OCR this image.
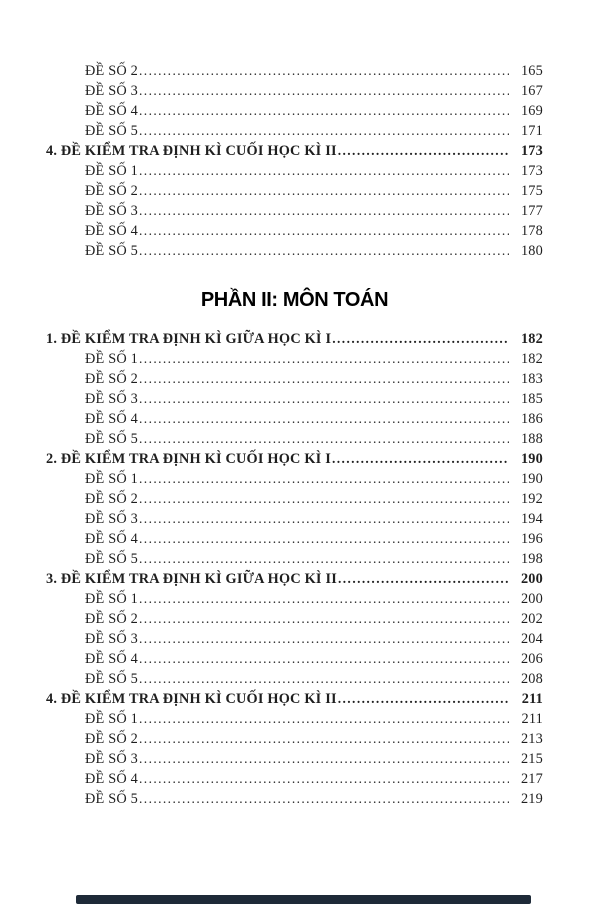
ĐỀ SỐ 2 .....	165
ĐỀ SỐ 3 .....	167
ĐỀ SỐ 4 .....	169
ĐỀ SỐ 5 .....	171
4. ĐỀ KIỂM TRA ĐỊNH KÌ CUỐI HỌC KÌ II .....	173
ĐỀ SỐ 1 .....	173
ĐỀ SỐ 2 .....	175
ĐỀ SỐ 3 .....	177
ĐỀ SỐ 4 .....	178
ĐỀ SỐ 5 .....	180
PHẦN II: MÔN TOÁN
1. ĐỀ KIỂM TRA ĐỊNH KÌ GIỮA HỌC KÌ I .....	182
ĐỀ SỐ 1 .....	182
ĐỀ SỐ 2 .....	183
ĐỀ SỐ 3 .....	185
ĐỀ SỐ 4 .....	186
ĐỀ SỐ 5 .....	188
2. ĐỀ KIỂM TRA ĐỊNH KÌ CUỐI HỌC KÌ I .....	190
ĐỀ SỐ 1 .....	190
ĐỀ SỐ 2 .....	192
ĐỀ SỐ 3 .....	194
ĐỀ SỐ 4 .....	196
ĐỀ SỐ 5 .....	198
3. ĐỀ KIỂM TRA ĐỊNH KÌ GIỮA HỌC KÌ II .....	200
ĐỀ SỐ 1 .....	200
ĐỀ SỐ 2 .....	202
ĐỀ SỐ 3 .....	204
ĐỀ SỐ 4 .....	206
ĐỀ SỐ 5 .....	208
4. ĐỀ KIỂM TRA ĐỊNH KÌ CUỐI HỌC KÌ II .....	211
ĐỀ SỐ 1 .....	211
ĐỀ SỐ 2 .....	213
ĐỀ SỐ 3 .....	215
ĐỀ SỐ 4 .....	217
ĐỀ SỐ 5 .....	219
